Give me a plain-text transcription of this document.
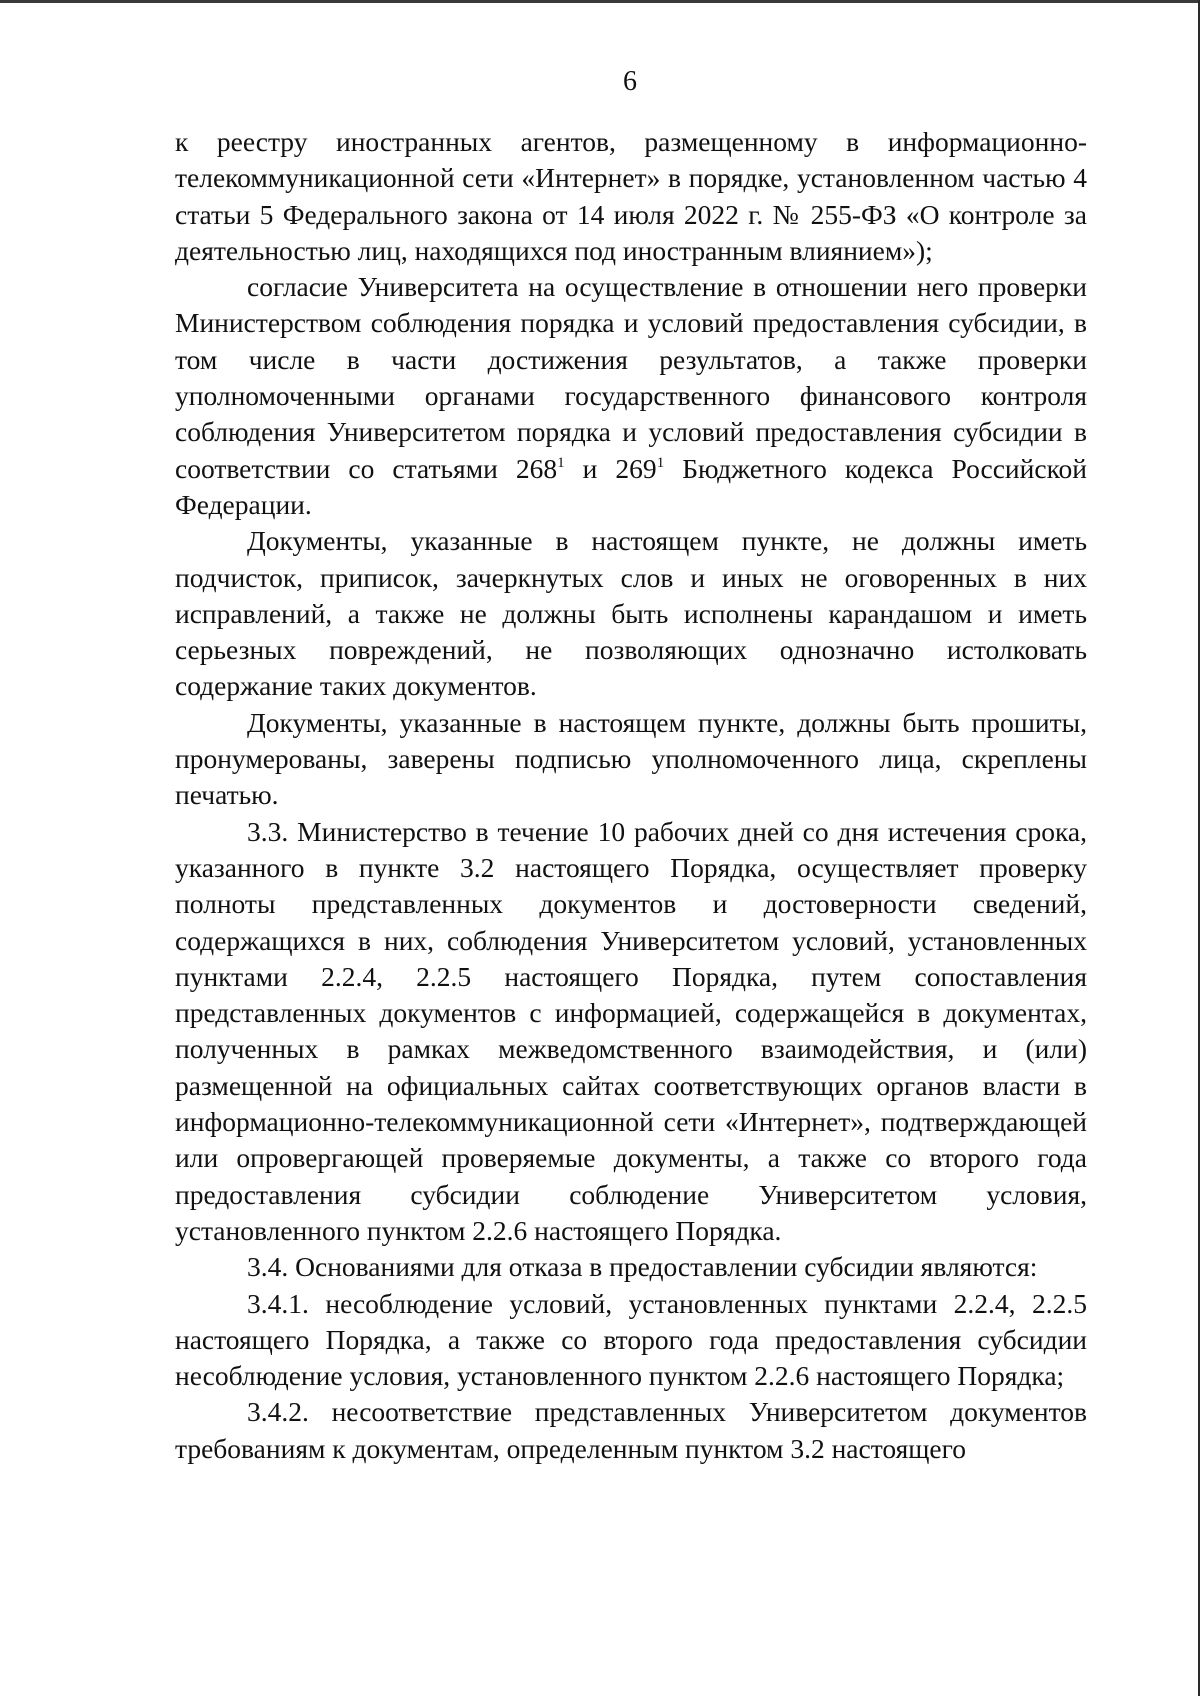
6

к реестру иностранных агентов, размещенному в информационно-телекоммуникационной сети «Интернет» в порядке, установленном частью 4 статьи 5 Федерального закона от 14 июля 2022 г. № 255-ФЗ «О контроле за деятельностью лиц, находящихся под иностранным влиянием»);

согласие Университета на осуществление в отношении него проверки Министерством соблюдения порядка и условий предоставления субсидии, в том числе в части достижения результатов, а также проверки уполномоченными органами государственного финансового контроля соблюдения Университетом порядка и условий предоставления субсидии в соответствии со статьями $268^1$ и $269^1$ Бюджетного кодекса Российской Федерации.

Документы, указанные в настоящем пункте, не должны иметь подчисток, приписок, зачеркнутых слов и иных не оговоренных в них исправлений, а также не должны быть исполнены карандашом и иметь серьезных повреждений, не позволяющих однозначно истолковать содержание таких документов.

Документы, указанные в настоящем пункте, должны быть прошиты, пронумерованы, заверены подписью уполномоченного лица, скреплены печатью.

3.3. Министерство в течение 10 рабочих дней со дня истечения срока, указанного в пункте 3.2 настоящего Порядка, осуществляет проверку полноты представленных документов и достоверности сведений, содержащихся в них, соблюдения Университетом условий, установленных пунктами 2.2.4, 2.2.5 настоящего Порядка, путем сопоставления представленных документов с информацией, содержащейся в документах, полученных в рамках межведомственного взаимодействия, и (или) размещенной на официальных сайтах соответствующих органов власти в информационно-телекоммуникационной сети «Интернет», подтверждающей или опровергающей проверяемые документы, а также со второго года предоставления субсидии соблюдение Университетом условия, установленного пунктом 2.2.6 настоящего Порядка.

3.4. Основаниями для отказа в предоставлении субсидии являются:

3.4.1. несоблюдение условий, установленных пунктами 2.2.4, 2.2.5 настоящего Порядка, а также со второго года предоставления субсидии несоблюдение условия, установленного пунктом 2.2.6 настоящего Порядка;

3.4.2. несоответствие представленных Университетом документов требованиям к документам, определенным пунктом 3.2 настоящего
